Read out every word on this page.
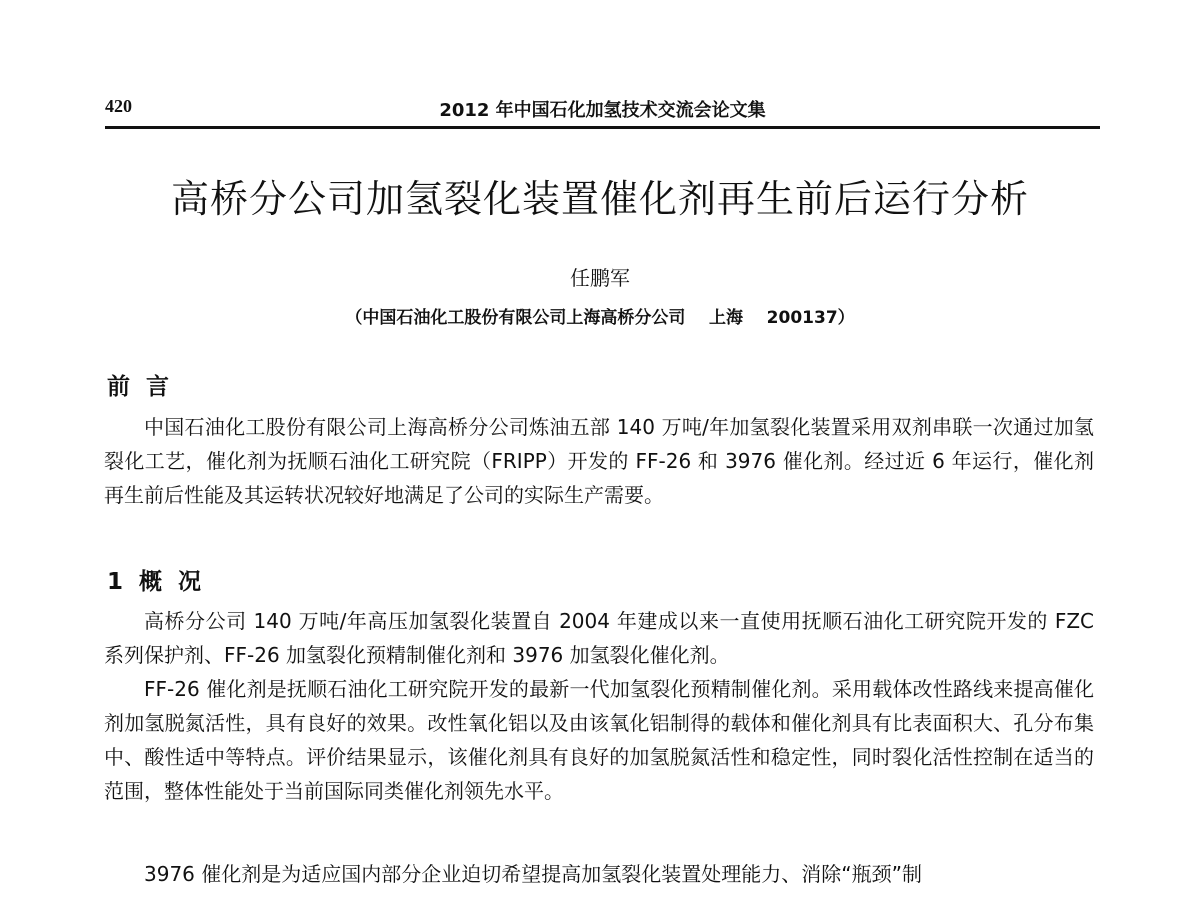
420	2012 年中国石化加氢技术交流会论文集
高桥分公司加氢裂化装置催化剂再生前后运行分析
任鹏军
（中国石油化工股份有限公司上海高桥分公司    上海    200137）
前 言

中国石油化工股份有限公司上海高桥分公司炼油五部 140 万吨/年加氢裂化装置采用双剂串联一次通过加氢裂化工艺，催化剂为抚顺石油化工研究院（FRIPP）开发的 FF-26 和 3976 催化剂。经过近 6 年运行，催化剂再生前后性能及其运转状况较好地满足了公司的实际生产需要。

1 概 况

高桥分公司 140 万吨/年高压加氢裂化装置自 2004 年建成以来一直使用抚顺石油化工研究院开发的 FZC 系列保护剂、FF-26 加氢裂化预精制催化剂和 3976 加氢裂化催化剂。

FF-26 催化剂是抚顺石油化工研究院开发的最新一代加氢裂化预精制催化剂。采用载体改性路线来提高催化剂加氢脱氮活性，具有良好的效果。改性氧化铝以及由该氧化铝制得的载体和催化剂具有比表面积大、孔分布集中、酸性适中等特点。评价结果显示，该催化剂具有良好的加氢脱氮活性和稳定性，同时裂化活性控制在适当的范围，整体性能处于当前国际同类催化剂领先水平。

3976 催化剂是为适应国内部分企业迫切希望提高加氢裂化装置处理能力、消除“瓶颈”制
